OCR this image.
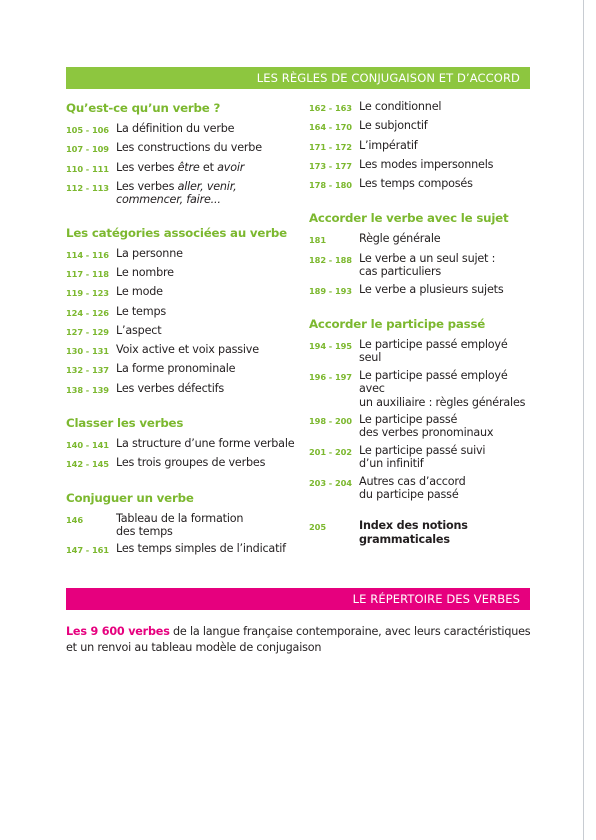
LES RÈGLES DE CONJUGAISON ET D’ACCORD
Qu’est-ce qu’un verbe ?
105 - 106 La définition du verbe
107 - 109 Les constructions du verbe
110 - 111 Les verbes être et avoir
112 - 113 Les verbes aller, venir,
commencer, faire...
Les catégories associées au verbe
114 - 116 La personne
117 - 118 Le nombre
119 - 123 Le mode
124 - 126 Le temps
127 - 129 L’aspect
130 - 131 Voix active et voix passive
132 - 137 La forme pronominale
138 - 139 Les verbes défectifs
Classer les verbes
140 - 141 La structure d’une forme verbale
142 - 145 Les trois groupes de verbes
Conjuguer un verbe
146	Tableau de la formation
des temps
147 - 161 Les temps simples de l’indicatif
162 - 163 Le conditionnel
164 - 170 Le subjonctif
171 - 172 L’impératif
173 - 177 Les modes impersonnels
178 - 180 Les temps composés
Accorder le verbe avec le sujet
181	Règle générale
182 - 188 Le verbe a un seul sujet :
cas particuliers
189 - 193 Le verbe a plusieurs sujets
Accorder le participe passé
194 - 195 Le participe passé employé seul
196 - 197 Le participe passé employé avec
un auxiliaire : règles générales
198 - 200 Le participe passé
des verbes pronominaux
201 - 202 Le participe passé suivi
d’un infinitif
203 - 204 Autres cas d’accord
du participe passé
205	Index des notions
grammaticales
LE RÉPERTOIRE DES VERBES
Les 9 600 verbes de la langue française contemporaine, avec leurs caractéristiques
et un renvoi au tableau modèle de conjugaison
